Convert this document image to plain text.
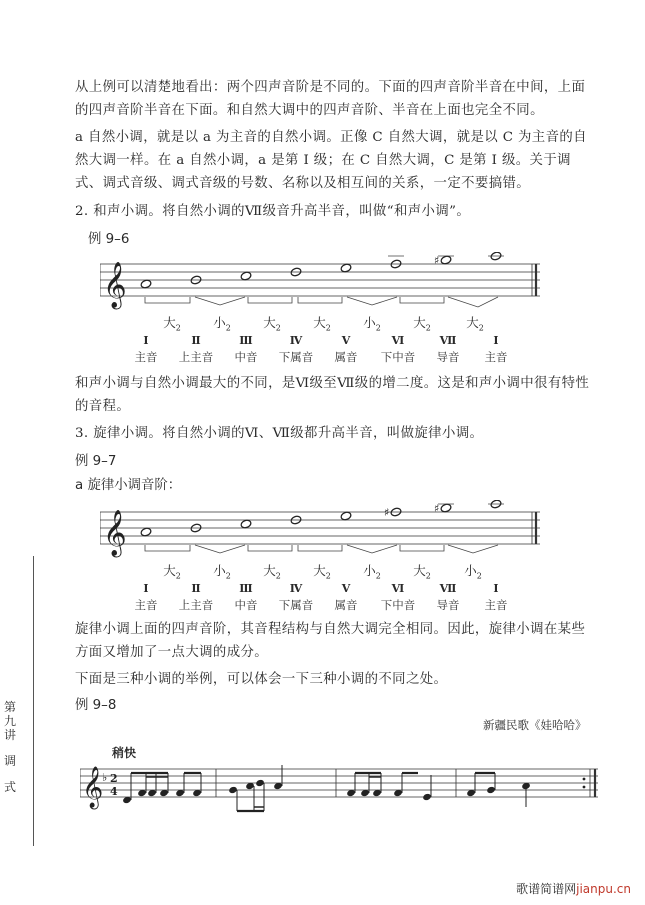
从上例可以清楚地看出：两个四声音阶是不同的。下面的四声音阶半音在中间，上面的四声音阶半音在下面。和自然大调中的四声音阶、半音在上面也完全不同。

a 自然小调，就是以 a 为主音的自然小调。正像 C 自然大调，就是以 C 为主音的自然大调一样。在 a 自然小调，a 是第 Ⅰ 级；在 C 自然大调，C 是第 Ⅰ 级。关于调式、调式音级、调式音级的号数、名称以及相互间的关系，一定不要搞错。

2. 和声小调。将自然小调的Ⅶ级音升高半音，叫做“和声小调”。

例 9–6
𝄞
♯
大$_2$	小$_2$	大$_2$	大$_2$	小$_2$	大$_2$	大$_2$
Ⅰ	Ⅱ	Ⅲ	Ⅳ	Ⅴ	Ⅵ	Ⅶ	Ⅰ
主音 上主音 中音 下属音 属音 下中音 导音 主音

和声小调与自然小调最大的不同，是Ⅵ级至Ⅶ级的增二度。这是和声小调中很有特性的音程。

3. 旋律小调。将自然小调的Ⅵ、Ⅶ级都升高半音，叫做旋律小调。

例 9–7
a 旋律小调音阶：
𝄞	♯	♯
大$_2$	小$_2$	大$_2$	大$_2$	小$_2$	大$_2$	小$_2$
Ⅰ	Ⅱ	Ⅲ	Ⅳ	Ⅴ	Ⅵ	Ⅶ	Ⅰ
主音 上主音 中音 下属音 属音 下中音 导音 主音

旋律小调上面的四声音阶，其音程结构与自然大调完全相同。因此，旋律小调在某些方面又增加了一点大调的成分。

下面是三种小调的举例，可以体会一下三种小调的不同之处。

例 9–8
新疆民歌《娃哈哈》
稍快
𝄞
♭ 2
4
第
九
讲
调
式
歌谱简谱网jianpu.cn
